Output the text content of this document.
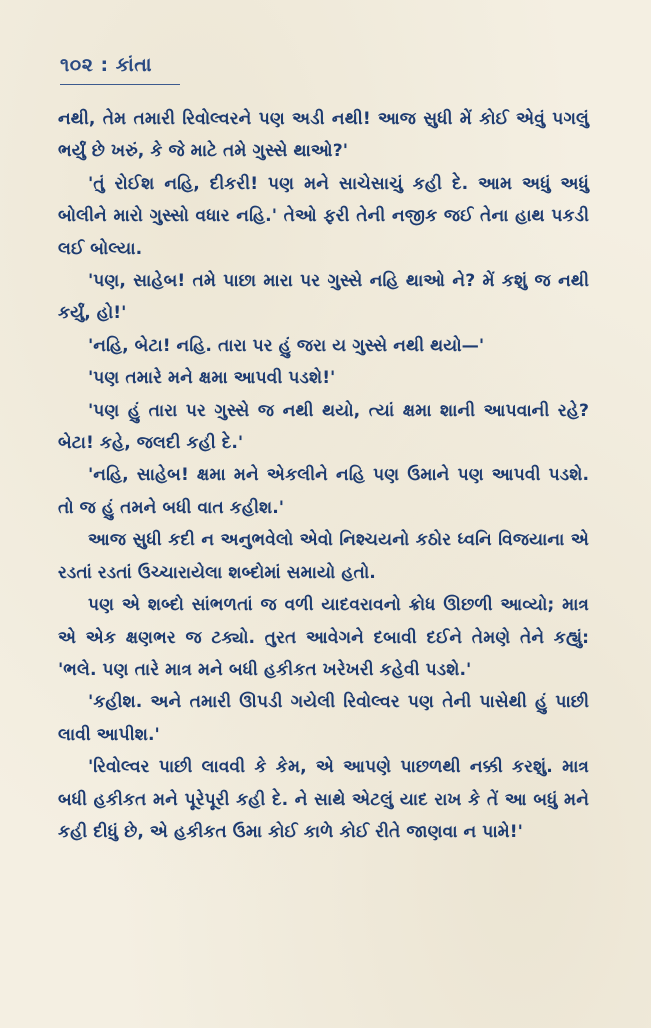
૧૦૨ : કાંતા

નથી, તેમ તમારી રિવોલ્વરને પણ અડી નથી! આજ સુધી મેં કોઈ એવું પગલું ભર્યું છે ખરું, કે જે માટે તમે ગુસ્સે થાઓ?'

'તું રોઈશ નહિ, દીકરી! પણ મને સાચેસાચું કહી દે. આમ અધું અધું બોલીને મારો ગુસ્સો વધાર નહિ.' તેઓ ફરી તેની નજીક જઈ તેના હાથ પકડી લઈ બોલ્યા.

'પણ, સાહેબ! તમે પાછા મારા પર ગુસ્સે નહિ થાઓ ને? મેં કશું જ નથી કર્યું, હો!'

'નહિ, બેટા! નહિ. તારા પર હું જરા ય ગુસ્સે નથી થયો—'

'પણ તમારે મને ક્ષમા આપવી પડશે!'

'પણ હું તારા પર ગુસ્સે જ નથી થયો, ત્યાં ક્ષમા શાની આપવાની રહે? બેટા! કહે, જલદી કહી દે.'

'નહિ, સાહેબ! ક્ષમા મને એકલીને નહિ પણ ઉમાને પણ આપવી પડશે. તો જ હું તમને બધી વાત કહીશ.'

આજ સુધી કદી ન અનુભવેલો એવો નિશ્ચયનો કઠોર ધ્વનિ વિજયાના એ રડતાં રડતાં ઉચ્ચારાયેલા શબ્દોમાં સમાયો હતો.

પણ એ શબ્દો સાંભળતાં જ વળી યાદવરાવનો ક્રોધ ઊછળી આવ્યો; માત્ર એ એક ક્ષણભર જ ટક્યો. તુરત આવેગને દબાવી દઈને તેમણે તેને કહ્યું: 'ભલે. પણ તારે માત્ર મને બધી હકીકત ખરેખરી કહેવી પડશે.'

'કહીશ. અને તમારી ઊપડી ગયેલી રિવોલ્વર પણ તેની પાસેથી હું પાછી લાવી આપીશ.'

'રિવોલ્વર પાછી લાવવી કે કેમ, એ આપણે પાછળથી નક્કી કરશું. માત્ર બધી હકીકત મને પૂરેપૂરી કહી દે. ને સાથે એટલું યાદ રાખ કે તેં આ બધું મને કહી દીધું છે, એ હકીકત ઉમા કોઈ કાળે કોઈ રીતે જાણવા ન પામે!'
